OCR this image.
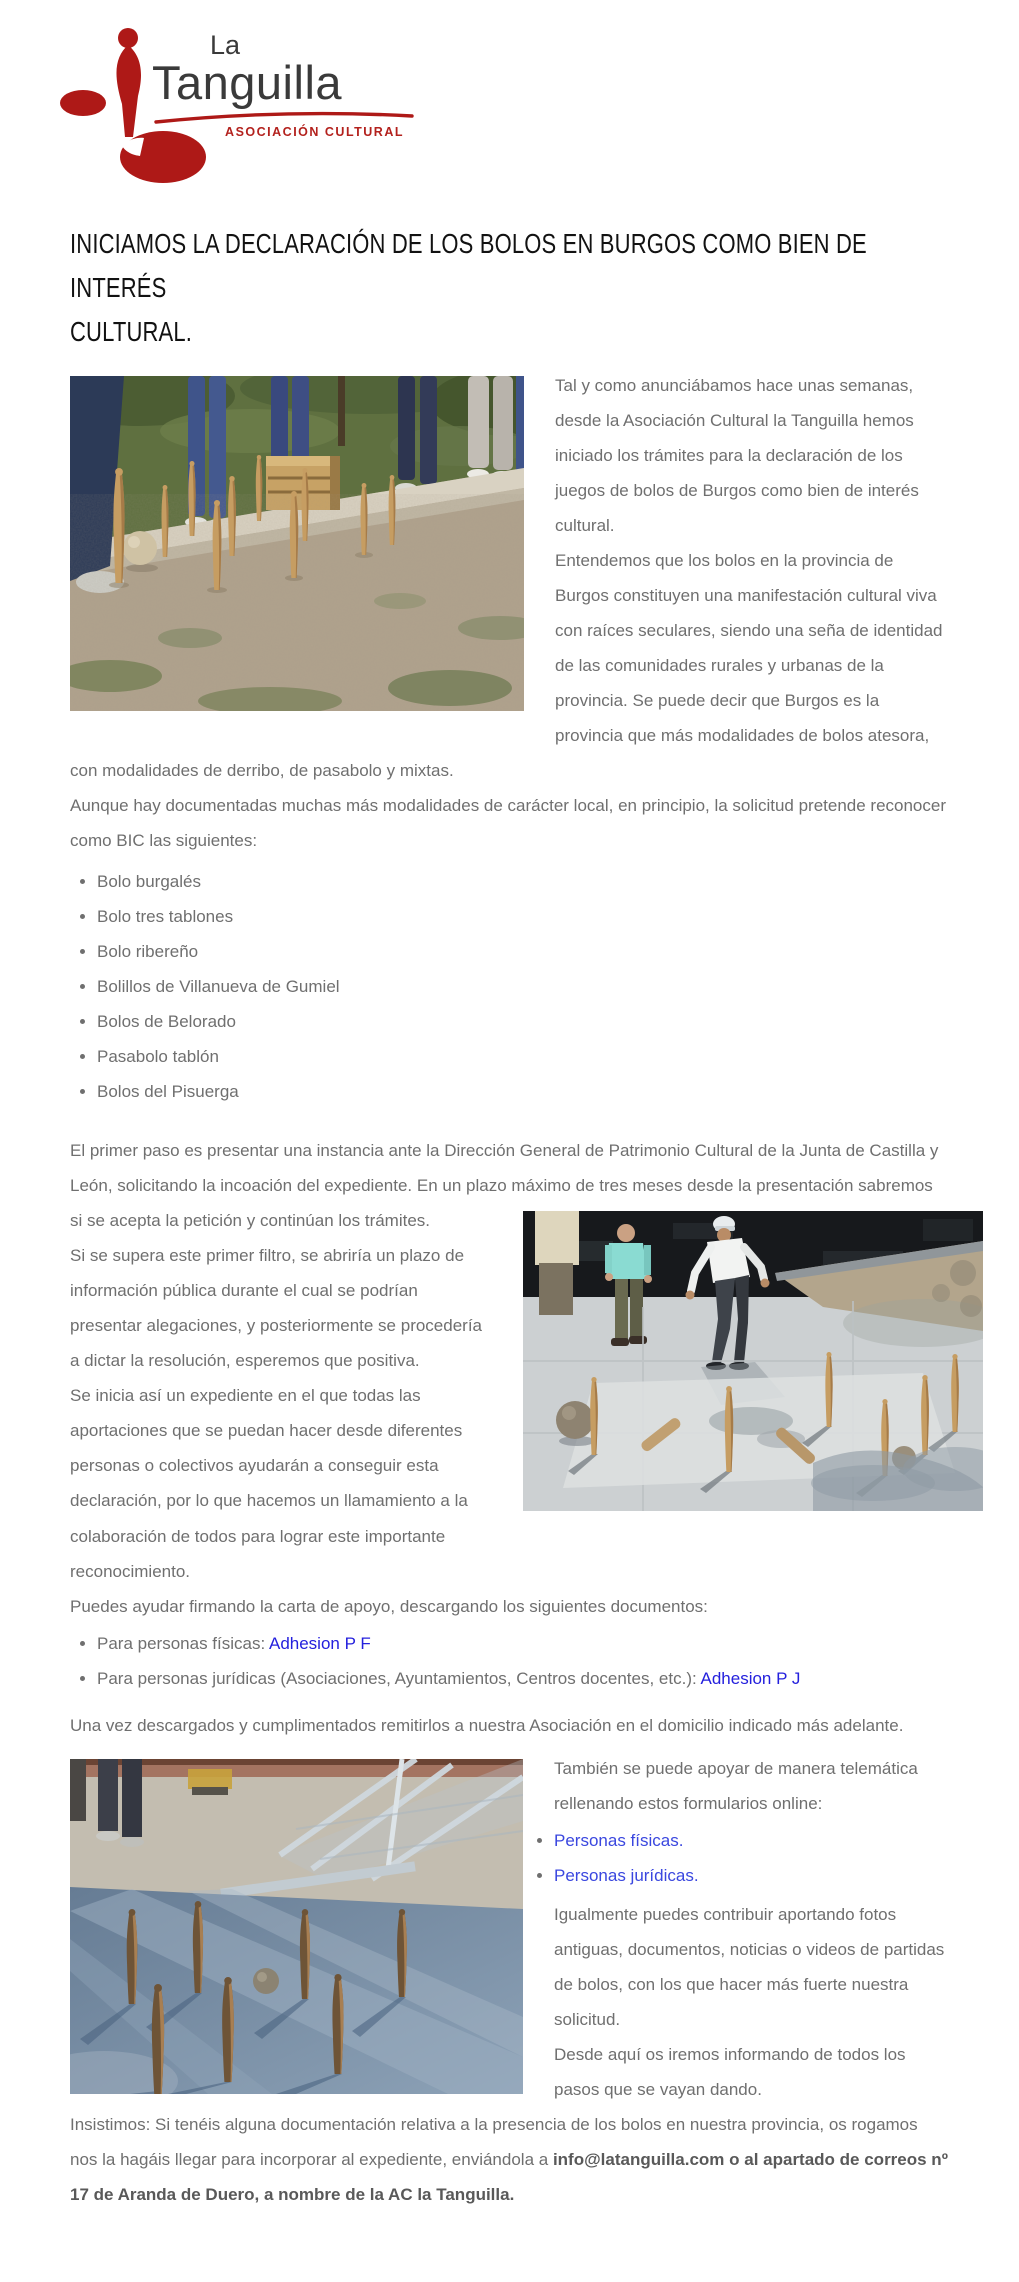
La
Tanguilla
ASOCIACIÓN CULTURAL
INICIAMOS LA DECLARACIÓN DE LOS BOLOS EN BURGOS COMO BIEN DE INTERÉS
CULTURAL.

Tal y como anunciábamos hace unas semanas, desde la Asociación Cultural la Tanguilla hemos iniciado los trámites para la declaración de los juegos de bolos de Burgos como bien de interés cultural.

Entendemos que los bolos en la provincia de Burgos constituyen una manifestación cultural viva con raíces seculares, siendo una seña de identidad de las comunidades rurales y urbanas de la provincia. Se puede decir que Burgos es la provincia que más modalidades de bolos atesora, con modalidades de derribo, de pasabolo y mixtas.

Aunque hay documentadas muchas más modalidades de carácter local, en principio, la solicitud pretende reconocer como BIC las siguientes:

• Bolo burgalés
• Bolo tres tablones
• Bolo ribereño
• Bolillos de Villanueva de Gumiel
• Bolos de Belorado
• Pasabolo tablón
• Bolos del Pisuerga

El primer paso es presentar una instancia ante la Dirección General de Patrimonio Cultural de la Junta de Castilla y León, solicitando la incoación del expediente. En un plazo máximo de tres meses desde la presentación sabremos si se acepta la petición y continúan los trámites.

Si se supera este primer filtro, se abriría un plazo de información pública durante el cual se podrían presentar alegaciones, y posteriormente se procedería a dictar la resolución, esperemos que positiva.

Se inicia así un expediente en el que todas las aportaciones que se puedan hacer desde diferentes personas o colectivos ayudarán a conseguir esta declaración, por lo que hacemos un llamamiento a la colaboración de todos para lograr este importante reconocimiento.

Puedes ayudar firmando la carta de apoyo, descargando los siguientes documentos:

• Para personas físicas: Adhesion P F
• Para personas jurídicas (Asociaciones, Ayuntamientos, Centros docentes, etc.): Adhesion P J

Una vez descargados y cumplimentados remitirlos a nuestra Asociación en el domicilio indicado más adelante.

También se puede apoyar de manera telemática rellenando estos formularios online:

• Personas físicas.
• Personas jurídicas.

Igualmente puedes contribuir aportando fotos antiguas, documentos, noticias o videos de partidas de bolos, con los que hacer más fuerte nuestra solicitud.

Desde aquí os iremos informando de todos los pasos que se vayan dando.

Insistimos: Si tenéis alguna documentación relativa a la presencia de los bolos en nuestra provincia, os rogamos nos la hagáis llegar para incorporar al expediente, enviándola a info@latanguilla.com o al apartado de correos nº 17 de Aranda de Duero, a nombre de la AC la Tanguilla.
